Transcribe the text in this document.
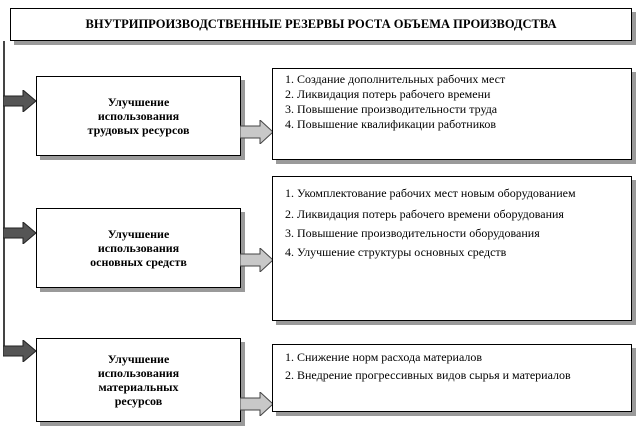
ВНУТРИПРОИЗВОДСТВЕННЫЕ РЕЗЕРВЫ РОСТА ОБЪЕМА ПРОИЗВОДСТВА
Улучшение
использования
трудовых ресурсов
Улучшение
использования
основных средств
Улучшение
использования
материальных
ресурсов
1. Создание дополнительных рабочих мест
2. Ликвидация потерь рабочего времени
3. Повышение производительности труда
4. Повышение квалификации работников
1. Укомплектование рабочих мест новым оборудованием
2. Ликвидация потерь рабочего времени оборудования
3. Повышение производительности оборудования
4. Улучшение структуры основных средств
1. Снижение норм расхода материалов
2. Внедрение прогрессивных видов сырья и материалов
